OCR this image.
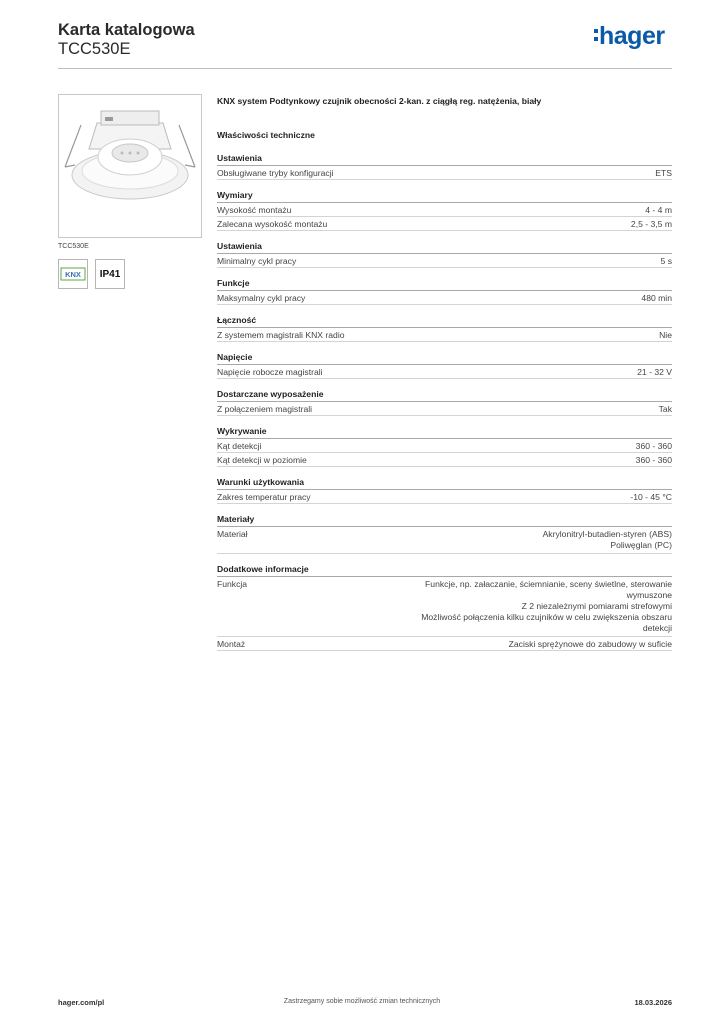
Karta katalogowa
TCC530E	hager
TCC530E
KNX	IP41
KNX system Podtynkowy czujnik obecności 2-kan. z ciągłą reg. natężenia, biały
Właściwości techniczne
Ustawienia
Obsługiwane tryby konfiguracji	ETS
Wymiary
Wysokość montażu	4 - 4 m
Zalecana wysokość montażu	2,5 - 3,5 m
Ustawienia
Minimalny cykl pracy	5 s
Funkcje
Maksymalny cykl pracy	480 min
Łączność
Z systemem magistrali KNX radio	Nie
Napięcie
Napięcie robocze magistrali	21 - 32 V
Dostarczane wyposażenie
Z połączeniem magistrali	Tak
Wykrywanie
Kąt detekcji	360 - 360
Kąt detekcji w poziomie	360 - 360
Warunki użytkowania
Zakres temperatur pracy	-10 - 45 °C
Materiały
Materiał	Akrylonitryl-butadien-styren (ABS)
Poliwęglan (PC)
Dodatkowe informacje
Funkcja	Funkcje, np. załaczanie, ściemnianie, sceny świetlne, sterowanie
wymuszone
Z 2 niezależnymi pomiarami strefowymi
Możliwość połączenia kilku czujników w celu zwiększenia obszaru
detekcji
Montaż	Zaciski sprężynowe do zabudowy w suficie
Zastrzegamy sobie możliwość zmian technicznych
hager.com/pl	18.03.2026
